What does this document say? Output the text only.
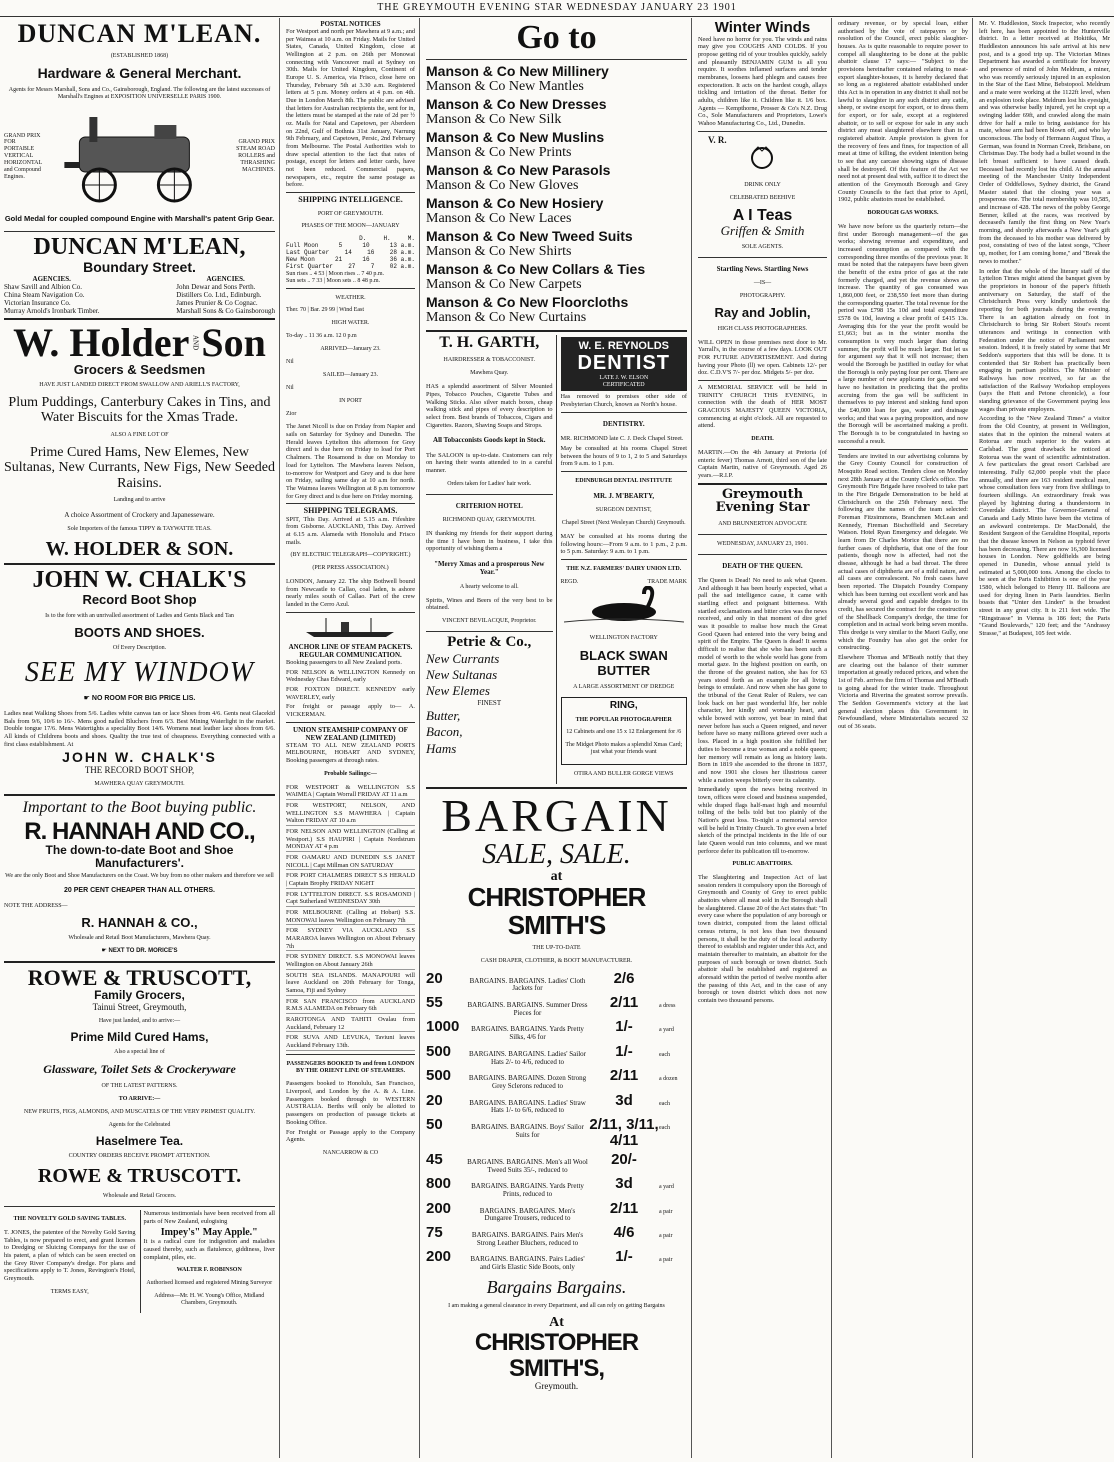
THE GREYMOUTH EVENING STAR WEDNESDAY JANUARY 23 1901

DUNCAN M'LEAN.

(ESTABLISHED 1868)

Hardware & General Merchant.

Agents for Messrs Marshall, Sons and Co., Gainsborough, England. The following are the latest successes of Marshall's Engines at EXPOSITION UNIVERSELLE PARIS 1900.

GRAND PRIX FOR PORTABLE VERTICAL HORIZONTAL and Compound Engines.
GRAND PRIX STEAM ROAD ROLLERS and THRASHING MACHINES.

Gold Medal for coupled compound Engine with Marshall's patent Grip Gear.

DUNCAN M'LEAN,

Boundary Street.

AGENCIES.
Shaw Savill and Albion Co.
China Steam Navigation Co.
Victorian Insurance Co.
Murray Arnold's Ironbark Timber.
AGENCIES.
John Dewar and Sons Perth.
Distillers Co. Ltd., Edinburgh.
James Prunier & Co Cognac.
Marshall Sons & Co Gainsborough
W. Holder AND Son

Grocers & Seedsmen

HAVE JUST LANDED DIRECT FROM SWALLOW AND ARIELL'S FACTORY,

Plum Puddings, Canterbury Cakes in Tins, and Water Biscuits for the Xmas Trade.

ALSO A FINE LOT OF

Prime Cured Hams, New Elemes, New Sultanas, New Currants, New Figs, New Seeded Raisins.

Landing and to arrive

A choice Assortment of Crockery and Japanesseware.

Sole Importers of the famous TIPPY & TAYWATTE TEAS.

W. HOLDER & SON.

JOHN W. CHALK'S

Record Boot Shop

Is to the fore with an unrivalled assortment of Ladies and Gents Black and Tan

BOOTS AND SHOES.

Of Every Description.

SEE MY WINDOW

☛ NO ROOM FOR BIG PRICE LIS.

Ladies neat Walking Shoes from 5/6. Ladies white canvas tan or lace Shoes from 4/6. Gents neat Glacekid Bals from 9/6, 10/6 to 16/-. Mens good nailed Bluchers from 6/3. Best Mining Waterlight in the market. Double tongue 17/6. Mens Watertights a speciality Boot 14/6. Womens neat leather lace shoes from 6/6. All kinds of Childrens boots and shoes. Quality the true test of cheapness. Everything connected with a first class establishment. At

JOHN W. CHALK'S

THE RECORD BOOT SHOP,

MAWHERA QUAY GREYMOUTH.

Important to the Boot buying public.

R. HANNAH AND CO.,

The down-to-date Boot and Shoe Manufacturers'.

We are the only Boot and Shoe Manufacturers on the Coast. We buy from no other makers and therefore we sell

20 PER CENT CHEAPER THAN ALL OTHERS.

NOTE THE ADDRESS—

R. HANNAH & CO.,

Wholesale and Retail Boot Manufacturers, Mawhera Quay.

☛ NEXT TO DR. MORICE'S

ROWE & TRUSCOTT,

Family Grocers,

Tainui Street, Greymouth,

Have just landed, and to arrive:—

Prime Mild Cured Hams,

Also a special line of

Glassware, Toilet Sets & Crockeryware

OF THE LATEST PATTERNS.

TO ARRIVE:—

NEW FRUITS, FIGS, ALMONDS, AND MUSCATELS OF THE VERY PRIMEST QUALITY.

Agents for the Celebrated

Haselmere Tea.

COUNTRY ORDERS RECEIVE PROMPT ATTENTION.

ROWE & TRUSCOTT.

Wholesale and Retail Grocers.

THE NOVELTY GOLD SAVING TABLES.

T. JONES, the patentee of the Novelty Gold Saving Tables, is now prepared to erect, and grant licenses to Dredging or Sluicing Companys for the use of his patent, a plan of which can be seen erected on the Grey River Company's dredge. For plans and specifications apply to T. Jones, Revington's Hotel, Greymouth.

TERMS EASY,

Numerous testimonials have been received from all parts of New Zealand, eulogising

Impey's" May Apple."

It is a radical cure for indigestion and maladies caused thereby, such as flatulence, giddiness, liver complaint, piles, etc.

WALTER F. ROBINSON

Authorised licensed and registered Mining Surveyor

Address—Mr. H. W. Young's Office, Midland Chambers, Greymouth.

POSTAL NOTICES

For Westport and north per Mawhera at 9 a.m.; and per Waimea at 10 a.m. on Friday. Mails for United States, Canada, United Kingdom, close at Wellington at 2 p.m. on 26th per Monowai connecting with Vancouver mail at Sydney on 30th. Mails for United Kingdom, Continent of Europe U. S. America, via Frisco, close here on Thursday, February 5th at 3.30 a.m. Registered letters at 5 p.m. Money orders at 4 p.m. on 4th. Due in London March 8th. The public are advised that letters for Australian recipients the, sent for in, the letters must be stamped at the rate of 2d per ½ oz. Mails for Natal and Capetown, per Aberdeen on 22nd, Gulf of Bothnia 31st January, Narrung 9th February, and Capetown, Persic, 2nd February from Melbourne. The Postal Authorities wish to draw special attention to the fact that rates of postage, except for letters and letter cards, have not been reduced. Commercial papers, newspapers, etc., require the same postage as before.

SHIPPING INTELLIGENCE.

PORT OF GREYMOUTH.

PHASES OF THE MOON—JANUARY

D.	H.	M.
Full Moon	5	10	13 a.m.
Last Quarter	14	16	28 a.m.
New Moon	21	16	36 a.m.
First Quarter	27	7	02 a.m.
Sun rises .. 4 53 | Moon rises .. 7 40 p.m.
Sun sets .. 7 33 | Moon sets .. 8 48 p.m.

WEATHER.

Ther. 70 | Bar. 29 99 | Wind East

HIGH WATER.

To-day .. 11 36 a.m. 12 0 p.m

ARRIVED—January 23.

Nil

SAILED—January 23.

Nil

IN PORT

Zior

The Janet Nicoll is due on Friday from Napier and sails on Saturday for Sydney and Dunedin. The Herald leaves Lyttelton this afternoon for Grey direct and is due here on Friday to load for Port Chalmers. The Rosamond is due on Monday to load for Lyttelton. The Mawhera leaves Nelson, to-morrow for Westport and Grey and is due here on Friday, sailing same day at 10 a.m for north. The Waimea leaves Wellington at 8 p.m tomorrow for Grey direct and is due here on Friday morning.

SHIPPING TELEGRAMS.

SPIT, This Day. Arrived at 5.15 a.m. Fifeshire from Gisborne. AUCKLAND, This Day. Arrived at 6.15 a.m. Alameda with Honolulu and Frisco mails.

(BY ELECTRIC TELEGRAPH—COPYRIGHT.)

(PER PRESS ASSOCIATION.)

LONDON, January 22. The ship Bothwell bound from Newcastle to Callao, coal laden, is ashore nearly miles south of Callao. Part of the crew landed in the Cerro Azul.

ANCHOR LINE OF STEAM PACKETS. REGULAR COMMUNICATION.

Booking passengers to all New Zealand ports.

FOR NELSON & WELLINGTON Kennedy on Wednesday Chas Edward, early

FOR FOXTON DIRECT. KENNEDY early WAVERLEY, early

For freight or passage apply to— A. VICKERMAN.

UNION STEAMSHIP COMPANY OF NEW ZEALAND (LIMITED)

STEAM TO ALL NEW ZEALAND PORTS MELBOURNE, HOBART AND SYDNEY, Booking passengers at through rates.

Probable Sailings:—

FOR WESTPORT & WELLINGTON S.S WAIMEA | Captain Worrall FRIDAY AT 11 a.m

FOR WESTPORT, NELSON, AND WELLINGTON S.S MAWHERA | Captain Walton FRIDAY AT 10 a.m

FOR NELSON AND WELLINGTON (Calling at Westport.) S.S HAUPIRI | Captain Nordstrum MONDAY AT 4 p.m

FOR OAMARU AND DUNEDIN S.S JANET NICOLL | Capt Millman ON SATURDAY

FOR PORT CHALMERS DIRECT S.S HERALD | Captain Brophy FRIDAY NIGHT

FOR LYTTELTON DIRECT. S.S ROSAMOND | Capt Sutherland WEDNESDAY 30th

FOR MELBOURNE (Calling at Hobart) S.S. MONOWAI leaves Wellington on February 7th

FOR SYDNEY VIA AUCKLAND S.S MARAROA leaves Wellington on About February 7th

FOR SYDNEY DIRECT. S.S MONOWAI leaves Wellington on About January 26th

SOUTH SEA ISLANDS. MANAPOURI will leave Auckland on 20th February for Tonga, Samoa, Fiji and Sydney

FOR SAN FRANCISCO from AUCKLAND R.M.S ALAMEDA on February 6th

RAROTONGA AND TAHITI Ovalau from Auckland, February 12

FOR SUVA AND LEVUKA, Taviuni leaves Auckland February 13th.

PASSENGERS BOOKED To and from LONDON BY THE ORIENT LINE OF STEAMERS.

Passengers booked to Honolulu, San Francisco, Liverpool, and London by the A. & A. Line. Passengers booked through to WESTERN AUSTRALIA. Berths will only be allotted to passengers on production of passage tickets at Booking Office.

For Freight or Passage apply to the Company Agents.

NANCARROW & CO

Go to

Manson & Co New Millinery

Manson & Co New Mantles

Manson & Co New Dresses

Manson & Co New Silk

Manson & Co New Muslins

Manson & Co New Prints

Manson & Co New Parasols

Manson & Co New Gloves

Manson & Co New Hosiery

Manson & Co New Laces

Manson & Co New Tweed Suits

Manson & Co New Shirts

Manson & Co New Collars & Ties

Manson & Co New Carpets

Manson & Co New Floorcloths

Manson & Co New Curtains

T. H. GARTH,

HAIRDRESSER & TOBACCONIST.

Mawhera Quay.

HAS a splendid assortment of Silver Mounted Pipes, Tobacco Pouches, Cigarette Tubes and Walking Sticks. Also silver match boxes, cheap walking stick and pipes of every description to select from. Best brands of Tobaccos, Cigars and Cigarettes. Razors, Shaving Soaps and Strops.

All Tobacconists Goods kept in Stock.

The SALOON is up-to-date. Customers can rely on having their wants attended to in a careful manner.

Orders taken for Ladies' hair work.

CRITERION HOTEL

RICHMOND QUAY, GREYMOUTH.

IN thanking my friends for their support during the time I have been in business, I take this opportunity of wishing them a

"Merry Xmas and a prosperous New Year."

A hearty welcome to all.

Spirits, Wines and Beers of the very best to be obtained.

VINCENT BEVILACQUE, Proprietor.

Petrie & Co.,

New Currants

New Sultanas

New Elemes

FINEST

Butter,

Bacon,

Hams

W. E. REYNOLDS
DENTIST
LATE J. W. ELSON
CERTIFICATED

Has removed to premises other side of Presbyterian Church, known as North's house.

DENTISTRY.

MR. RICHMOND late C. J. Deck Chapel Street.

May be consulted at his rooms Chapel Street between the hours of 9 to 1, 2 to 5 and Saturdays from 9 a.m. to 1 p.m.

EDINBURGH DENTAL INSTITUTE

MR. J. M'BEARTY,

SURGEON DENTIST,

Chapel Street (Next Wesleyan Church) Greymouth.

MAY be consulted at his rooms during the following hours:—From 9 a.m. to 1 p.m., 2 p.m. to 5 p.m. Saturday: 9 a.m. to 1 p.m.

THE N.Z. FARMERS' DAIRY UNION LTD.

REGD.	TRADE MARK

WELLINGTON FACTORY

BLACK SWAN BUTTER

A LARGE ASSORTMENT OF DREDGE

RING,

THE POPULAR PHOTOGRAPHER

12 Cabinets and one 15 x 12 Enlargement for /6

The Midget Photo makes a splendid Xmas Card; just what your friends want

OTIRA AND BULLER GORGE VIEWS

BARGAIN

SALE, SALE.

at

CHRISTOPHER SMITH'S

THE UP-TO-DATE

CASH DRAPER, CLOTHIER, & BOOT MANUFACTURER.

20	BARGAINS. BARGAINS. Ladies' Cloth Jackets for
2/6
55	BARGAINS. BARGAINS. Summer Dress Pieces for
2/11	a dress
1000	BARGAINS. BARGAINS. Yards Pretty Silks, 4/6 for
1/-	a yard
500	BARGAINS. BARGAINS. Ladies' Sailor Hats 2/- to 4/6, reduced to
1/-	each
500	BARGAINS. BARGAINS. Dozen Strong Grey Sclerons reduced to
2/11	a dozen
20	BARGAINS. BARGAINS. Ladies' Straw Hats 1/- to 6/6, reduced to
3d	each
50	BARGAINS. BARGAINS. Boys' Sailor Suits for
2/11, 3/11, 4/11
each
45	BARGAINS. BARGAINS. Men's all Wool Tweed Suits 35/-, reduced to
20/-
800	BARGAINS. BARGAINS. Yards Pretty Prints, reduced to
3d	a yard
200	BARGAINS. BARGAINS. Men's Dungaree Trousers, reduced to
2/11	a pair
75	BARGAINS. BARGAINS. Pairs Men's Strong Leather Bluchers, reduced to
4/6	a pair
200	BARGAINS. BARGAINS. Pairs Ladies' and Girls Elastic Side Boots, only
1/-	a pair

Bargains Bargains.

I am making a general clearance in every Department, and all can rely on getting Bargains

At

CHRISTOPHER SMITH'S,

Greymouth.

Winter Winds

Need have no horror for you. The winds and rains may give you COUGHS AND COLDS. If you propose getting rid of your troubles quickly, safely and pleasantly BENJAMIN GUM is all you require. It soothes inflamed surfaces and tender membranes, loosens hard phlegm and causes free expectoration. It acts on the hardest cough, allays tickling and irritation of the throat. Better for adults, children like it. Children like it. 1/6 box. Agents — Kempthorne, Prosser & Co's N.Z. Drug Co., Sole Manufacturers and Proprietors, Lowe's Wahoo Manufacturing Co., Ltd., Dunedin.

V. R.

DRINK ONLY

CELEBRATED BEEHIVE

A I Teas

Griffen & Smith

SOLE AGENTS.

Startling News. Startling News

—IS—

PHOTOGRAPHY.

Ray and Joblin,

HIGH CLASS PHOTOGRAPHERS.

WILL OPEN in those premises next door to Mr. Yarrall's, in the course of a few days. LOOK OUT FOR FUTURE ADVERTISEMENT. And during having your Photo (ll) we open. Cabinets 12/- per doz. C.D.V'S 7/- per doz. Midgets 5/- per doz.

A MEMORIAL SERVICE will be held in TRINITY CHURCH THIS EVENING, in connection with the death of HER MOST GRACIOUS MAJESTY QUEEN VICTORIA, commencing at eight o'clock. All are requested to attend.

DEATH.

MARTIN.—On the 4th January at Pretoria (of enteric fever) Thomas Arnott, third son of the late Captain Martin, native of Greymouth. Aged 26 years.—R.I.P.

Greymouth Evening Star

AND BRUNNERTON ADVOCATE

WEDNESDAY, JANUARY 23, 1901.

DEATH OF THE QUEEN.

The Queen is Dead! No need to ask what Queen. And although it has been hourly expected, what a pall the sad intelligence cause, it came with startling effect and poignant bitterness. With startled exclamations and bitter cries was the news received, and only in that moment of dire grief was it possible to realise how much the Great Good Queen had entered into the very being and spirit of the Empire. The Queen is dead! It seems difficult to realise that she who has been such a model of worth to the whole world has gone from mortal gaze. In the highest position on earth, on the throne of the greatest nation, she has for 63 years stood forth as an example for all living beings to emulate. And now when she has gone to the tribunal of the Great Ruler of Rulers, we can look back on her past wonderful life, her noble character, her kindly and womanly heart, and while bowed with sorrow, yet bear in mind that never before has such a Queen reigned, and never before have so many millions grieved over such a loss. Placed in a high position she fulfilled her duties to become a true woman and a noble queen; her memory will remain as long as history lasts. Born in 1819 she ascended to the throne in 1837, and now 1901 she closes her illustrious career while a nation weeps bitterly over its calamity.

Immediately upon the news being received in town, offices were closed and business suspended, while draped flags half-mast high and mournful tolling of the bells told but too plainly of the Nation's great loss. To-night a memorial service will be held in Trinity Church. To give even a brief sketch of the principal incidents in the life of our late Queen would run into columns, and we must perforce defer its publication till to-morrow.

PUBLIC ABATTOIRS.

The Slaughtering and Inspection Act of last session renders it compulsory upon the Borough of Greymouth and County of Grey to erect public abattoirs where all meat sold in the Borough shall be slaughtered. Clause 20 of the Act states that: "In every case where the population of any borough or town district, computed from the latest official census returns, is not less than two thousand persons, it shall be the duty of the local authority thereof to establish and register under this Act, and maintain thereafter to maintain, an abattoir for the purposes of such borough or town district. Such abattoir shall be established and registered as aforesaid within the period of twelve months after the passing of this Act, and in the case of any borough or town district which does not now contain two thousand persons.

ordinary revenue, or by special loan, either authorised by the vote of ratepayers or by resolution of the Council, erect public slaughter-houses. As is quite reasonable to require power to compel all slaughtering to be done at the public abattoir clause 17 says:— "Subject to the provisions hereinafter contained relating to meat-export slaughter-houses, it is hereby declared that so long as a registered abattoir established under this Act is in operation in any district it shall not be lawful to slaughter in any such district any cattle, sheep, or swine except for export, or to dress them for export, or for sale, except at a registered abattoir, or to sell or expose for sale in any such district any meat slaughtered elsewhere than in a registered abattoir. Ample provision is given for the recovery of fees and fines, for inspection of all meat at time of killing, the evident intention being to see that any carcase showing signs of disease shall be destroyed. Of this feature of the Act we need not at present deal with, suffice it to direct the attention of the Greymouth Borough and Grey County Councils to the fact that prior to April, 1902, public abattoirs must be established.

BOROUGH GAS WORKS.

We have now before us the quarterly return—the first under Borough management—of the gas works; showing revenue and expenditure, and increased consumption as compared with the corresponding three months of the previous year. It must be noted that the ratepayers have been given the benefit of the extra price of gas at the rate formerly charged, and yet the revenue shows an increase. The quantity of gas consumed was 1,860,000 feet, or 238,550 feet more than during the corresponding quarter. The total revenue for the period was £798 15s 10d and total expenditure £578 0s 10d, leaving a clear profit of £415 13s. Averaging this for the year the profit would be £1,663; but as in the winter months the consumption is very much larger than during summer, the profit will be much larger. But let us for argument say that it will not increase; then would the Borough be justified in outlay for what the Borough is only paying four per cent. There are a large number of new applicants for gas, and we have no hesitation in predicting that the profits accruing from the gas will be sufficient in themselves to pay interest and sinking fund upon the £40,000 loan for gas, water and drainage works; and that was a paying proposition, and now the Borough will be ascertained making a profit. The Borough is to be congratulated in having so successful a result.

Tenders are invited in our advertising columns by the Grey County Council for construction of Mosquito Road section. Tenders close on Monday next 28th January at the County Clerk's office. The Greymouth Fire Brigade have resolved to take part in the Fire Brigade Demonstration to be held at Christchurch on the 25th February next. The following are the names of the team selected: Foreman Fitzsimmons, Branchmen McLean and Kennedy, Fireman Bischoffield and Secretary Watson. Hotel Ryan Emergency and delegate. We learn from Dr Charles Morice that there are no further cases of diphtheria, that one of the four patients, though now is affected, had not the disease, although he had a bad throat. The three actual cases of diphtheria are of a mild nature, and all cases are convalescent. No fresh cases have been reported. The Dispatch Foundry Company which has been turning out excellent work and has already several good and capable dredges to its credit, has secured the contract for the construction of the Shellback Company's dredge, the time for completion and in actual work being seven months. This dredge is very similar to the Maori Gully, one which the Foundry has also got the order for constructing.

Elsewhere Thomas and M'Beath notify that they are clearing out the balance of their summer importation at greatly reduced prices, and when the 1st of Feb. arrives the firm of Thomas and M'Beath is going ahead for the winter trade. Throughout Victoria and Riverina the greatest sorrow prevails. The Seddon Government's victory at the last general election places this Government in Newfoundland, where Ministerialists secured 32 out of 36 seats.

Mr. V. Huddleston, Stock Inspector, who recently left here, has been appointed to the Hunterville district. In a letter received at Hokitika, Mr Huddleston announces his safe arrival at his new post, and is a good trip up. The Victorian Mines Department has awarded a certificate for bravery and presence of mind of John Meldrum, a miner, who was recently seriously injured in an explosion in the Star of the East Mine, Bebstopool. Meldrum and a mate were working at the 1122ft level, when an explosion took place. Meldrum lost his eyesight, and was otherwise badly injured, yet he crept up a swinging ladder 69ft, and crawled along the main drive for half a mile to bring assistance for his mate, whose arm had been blown off, and who lay unconscious. The body of Hermann August Thus, a German, was found in Norman Creek, Brisbane, on Christmas Day. The body had a bullet wound in the left breast sufficient to have caused death. Deceased had recently lost his child. At the annual meeting of the Manchester Unity Independent Order of Oddfellows, Sydney district, the Grand Master stated that the closing year was a prosperous one. The total membership was 10,585, and increase of 428. The news of the pobby George Benner, killed at the races, was received by deceased's family the first thing on New Year's morning, and shortly afterwards a New Year's gift from the deceased to his mother was delivered by post, consisting of two of the latest songs, "Cheer up, mother, for I am coming home," and "Break the news to mother."

In order that the whole of the literary staff of the Lyttelton Times might attend the banquet given by the proprietors in honour of the paper's fiftieth anniversary on Saturday, the staff of the Christchurch Press very kindly undertook the reporting for both journals during the evening. There is an agitation already on foot in Christchurch to bring Sir Robert Stout's recent utterances and writings in connection with Federation under the notice of Parliament next session. Indeed, it is freely stated by some that Mr Seddon's supporters that this will be done. It is contended that Sir Robert has practically been engaging in partisan politics. The Minister of Railways has now received, so far as the satisfaction of the Railway Workshop employees (says the Hutt and Petone chronicle), a four standing grievance of the Government paying less wages than private employers.

According to the "New Zealand Times" a visitor from the Old Country, at present in Wellington, states that in the opinion the mineral waters at Rotorua are much superior to the waters at Carlsbad. The great drawback he noticed at Rotorua was the want of scientific administration. A few particulars the great resort Carlsbad are interesting. Fully 62,000 people visit the place annually, and there are 163 resident medical men, whose consultation fees vary from five shillings to fourteen shillings. An extraordinary freak was played by lightning during a thunderstorm in Coverdale district. The Governor-General of Canada and Lady Minto have been the victims of an awkward contretemps. Dr MacDonald, the Resident Surgeon of the Geraldine Hospital, reports that the disease known in Nelson as typhoid fever has been decreasing. There are now 16,300 licensed houses in London. New goldfields are being opened in Dunedin, whose annual yield is estimated at 5,000,000 tons. Among the clocks to be seen at the Paris Exhibition is one of the year 1580, which belonged to Henry III. Balloons are used for drying linen in Paris laundries. Berlin boasts that "Unter den Linden" is the broadest street in any great city. It is 211 feet wide. The "Ringstrasse" in Vienna is 186 feet; the Paris "Grand Boulevards," 120 feet; and the "Andrassy Strasse," at Budapest, 105 feet wide.
